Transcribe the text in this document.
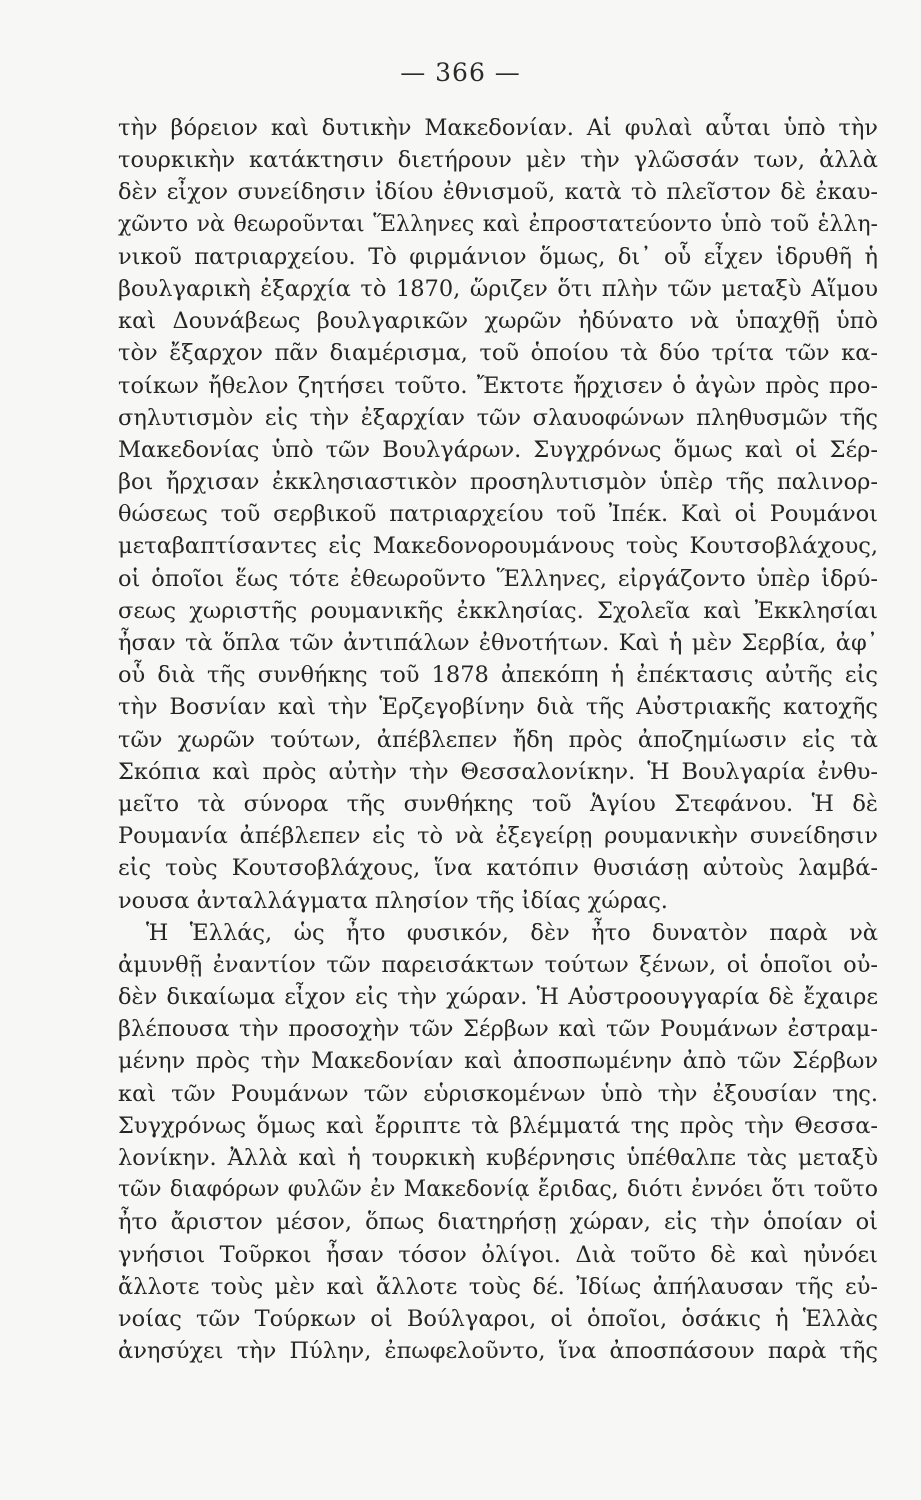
— 366 —
τὴν βόρειον καὶ δυτικὴν Μακεδονίαν. Αἱ φυλαὶ αὗται ὑπὸ τὴν
τουρκικὴν κατάκτησιν διετήρουν μὲν τὴν γλῶσσάν των, ἀλλὰ
δὲν εἶχον συνείδησιν ἰδίου ἐθνισμοῦ, κατὰ τὸ πλεῖστον δὲ ἐκαυ-
χῶντο νὰ θεωροῦνται Ἕλληνες καὶ ἐπροστατεύοντο ὑπὸ τοῦ ἑλλη-
νικοῦ πατριαρχείου. Τὸ φιρμάνιον ὅμως, δι᾽ οὗ εἶχεν ἱδρυθῆ ἡ
βουλγαρικὴ ἐξαρχία τὸ 1870, ὥριζεν ὅτι πλὴν τῶν μεταξὺ Αἵμου
καὶ Δουνάβεως βουλγαρικῶν χωρῶν ἠδύνατο νὰ ὑπαχθῇ ὑπὸ
τὸν ἔξαρχον πᾶν διαμέρισμα, τοῦ ὁποίου τὰ δύο τρίτα τῶν κα-
τοίκων ἤθελον ζητήσει τοῦτο. Ἔκτοτε ἤρχισεν ὁ ἀγὼν πρὸς προ-
σηλυτισμὸν εἰς τὴν ἐξαρχίαν τῶν σλαυοφώνων πληθυσμῶν τῆς
Μακεδονίας ὑπὸ τῶν Βουλγάρων. Συγχρόνως ὅμως καὶ οἱ Σέρ-
βοι ἤρχισαν ἐκκλησιαστικὸν προσηλυτισμὸν ὑπὲρ τῆς παλινορ-
θώσεως τοῦ σερβικοῦ πατριαρχείου τοῦ Ἰπέκ. Καὶ οἱ Ρουμάνοι
μεταβαπτίσαντες εἰς Μακεδονορουμάνους τοὺς Κουτσοβλάχους,
οἱ ὁποῖοι ἕως τότε ἐθεωροῦντο Ἕλληνες, εἰργάζοντο ὑπὲρ ἱδρύ-
σεως χωριστῆς ρουμανικῆς ἐκκλησίας. Σχολεῖα καὶ Ἐκκλησίαι
ἦσαν τὰ ὅπλα τῶν ἀντιπάλων ἐθνοτήτων. Καὶ ἡ μὲν Σερβία, ἀφ᾽
οὗ διὰ τῆς συνθήκης τοῦ 1878 ἀπεκόπη ἡ ἐπέκτασις αὐτῆς εἰς
τὴν Βοσνίαν καὶ τὴν Ἑρζεγοβίνην διὰ τῆς Αὐστριακῆς κατοχῆς
τῶν χωρῶν τούτων, ἀπέβλεπεν ἤδη πρὸς ἀποζημίωσιν εἰς τὰ
Σκόπια καὶ πρὸς αὐτὴν τὴν Θεσσαλονίκην. Ἡ Βουλγαρία ἐνθυ-
μεῖτο τὰ σύνορα τῆς συνθήκης τοῦ Ἁγίου Στεφάνου. Ἡ δὲ
Ρουμανία ἀπέβλεπεν εἰς τὸ νὰ ἐξεγείρῃ ρουμανικὴν συνείδησιν
εἰς τοὺς Κουτσοβλάχους, ἵνα κατόπιν θυσιάσῃ αὐτοὺς λαμβά-
νουσα ἀνταλλάγματα πλησίον τῆς ἰδίας χώρας.
Ἡ Ἑλλάς, ὡς ἦτο φυσικόν, δὲν ἦτο δυνατὸν παρὰ νὰ
ἀμυνθῇ ἐναντίον τῶν παρεισάκτων τούτων ξένων, οἱ ὁποῖοι οὐ-
δὲν δικαίωμα εἶχον εἰς τὴν χώραν. Ἡ Αὐστροουγγαρία δὲ ἔχαιρε
βλέπουσα τὴν προσοχὴν τῶν Σέρβων καὶ τῶν Ρουμάνων ἐστραμ-
μένην πρὸς τὴν Μακεδονίαν καὶ ἀποσπωμένην ἀπὸ τῶν Σέρβων
καὶ τῶν Ρουμάνων τῶν εὑρισκομένων ὑπὸ τὴν ἐξουσίαν της.
Συγχρόνως ὅμως καὶ ἔρριπτε τὰ βλέμματά της πρὸς τὴν Θεσσα-
λονίκην. Ἀλλὰ καὶ ἡ τουρκικὴ κυβέρνησις ὑπέθαλπε τὰς μεταξὺ
τῶν διαφόρων φυλῶν ἐν Μακεδονίᾳ ἔριδας, διότι ἐννόει ὅτι τοῦτο
ἦτο ἄριστον μέσον, ὅπως διατηρήσῃ χώραν, εἰς τὴν ὁποίαν οἱ
γνήσιοι Τοῦρκοι ἦσαν τόσον ὀλίγοι. Διὰ τοῦτο δὲ καὶ ηὐνόει
ἄλλοτε τοὺς μὲν καὶ ἄλλοτε τοὺς δέ. Ἰδίως ἀπήλαυσαν τῆς εὐ-
νοίας τῶν Τούρκων οἱ Βούλγαροι, οἱ ὁποῖοι, ὁσάκις ἡ Ἑλλὰς
ἀνησύχει τὴν Πύλην, ἐπωφελοῦντο, ἵνα ἀποσπάσουν παρὰ τῆς
